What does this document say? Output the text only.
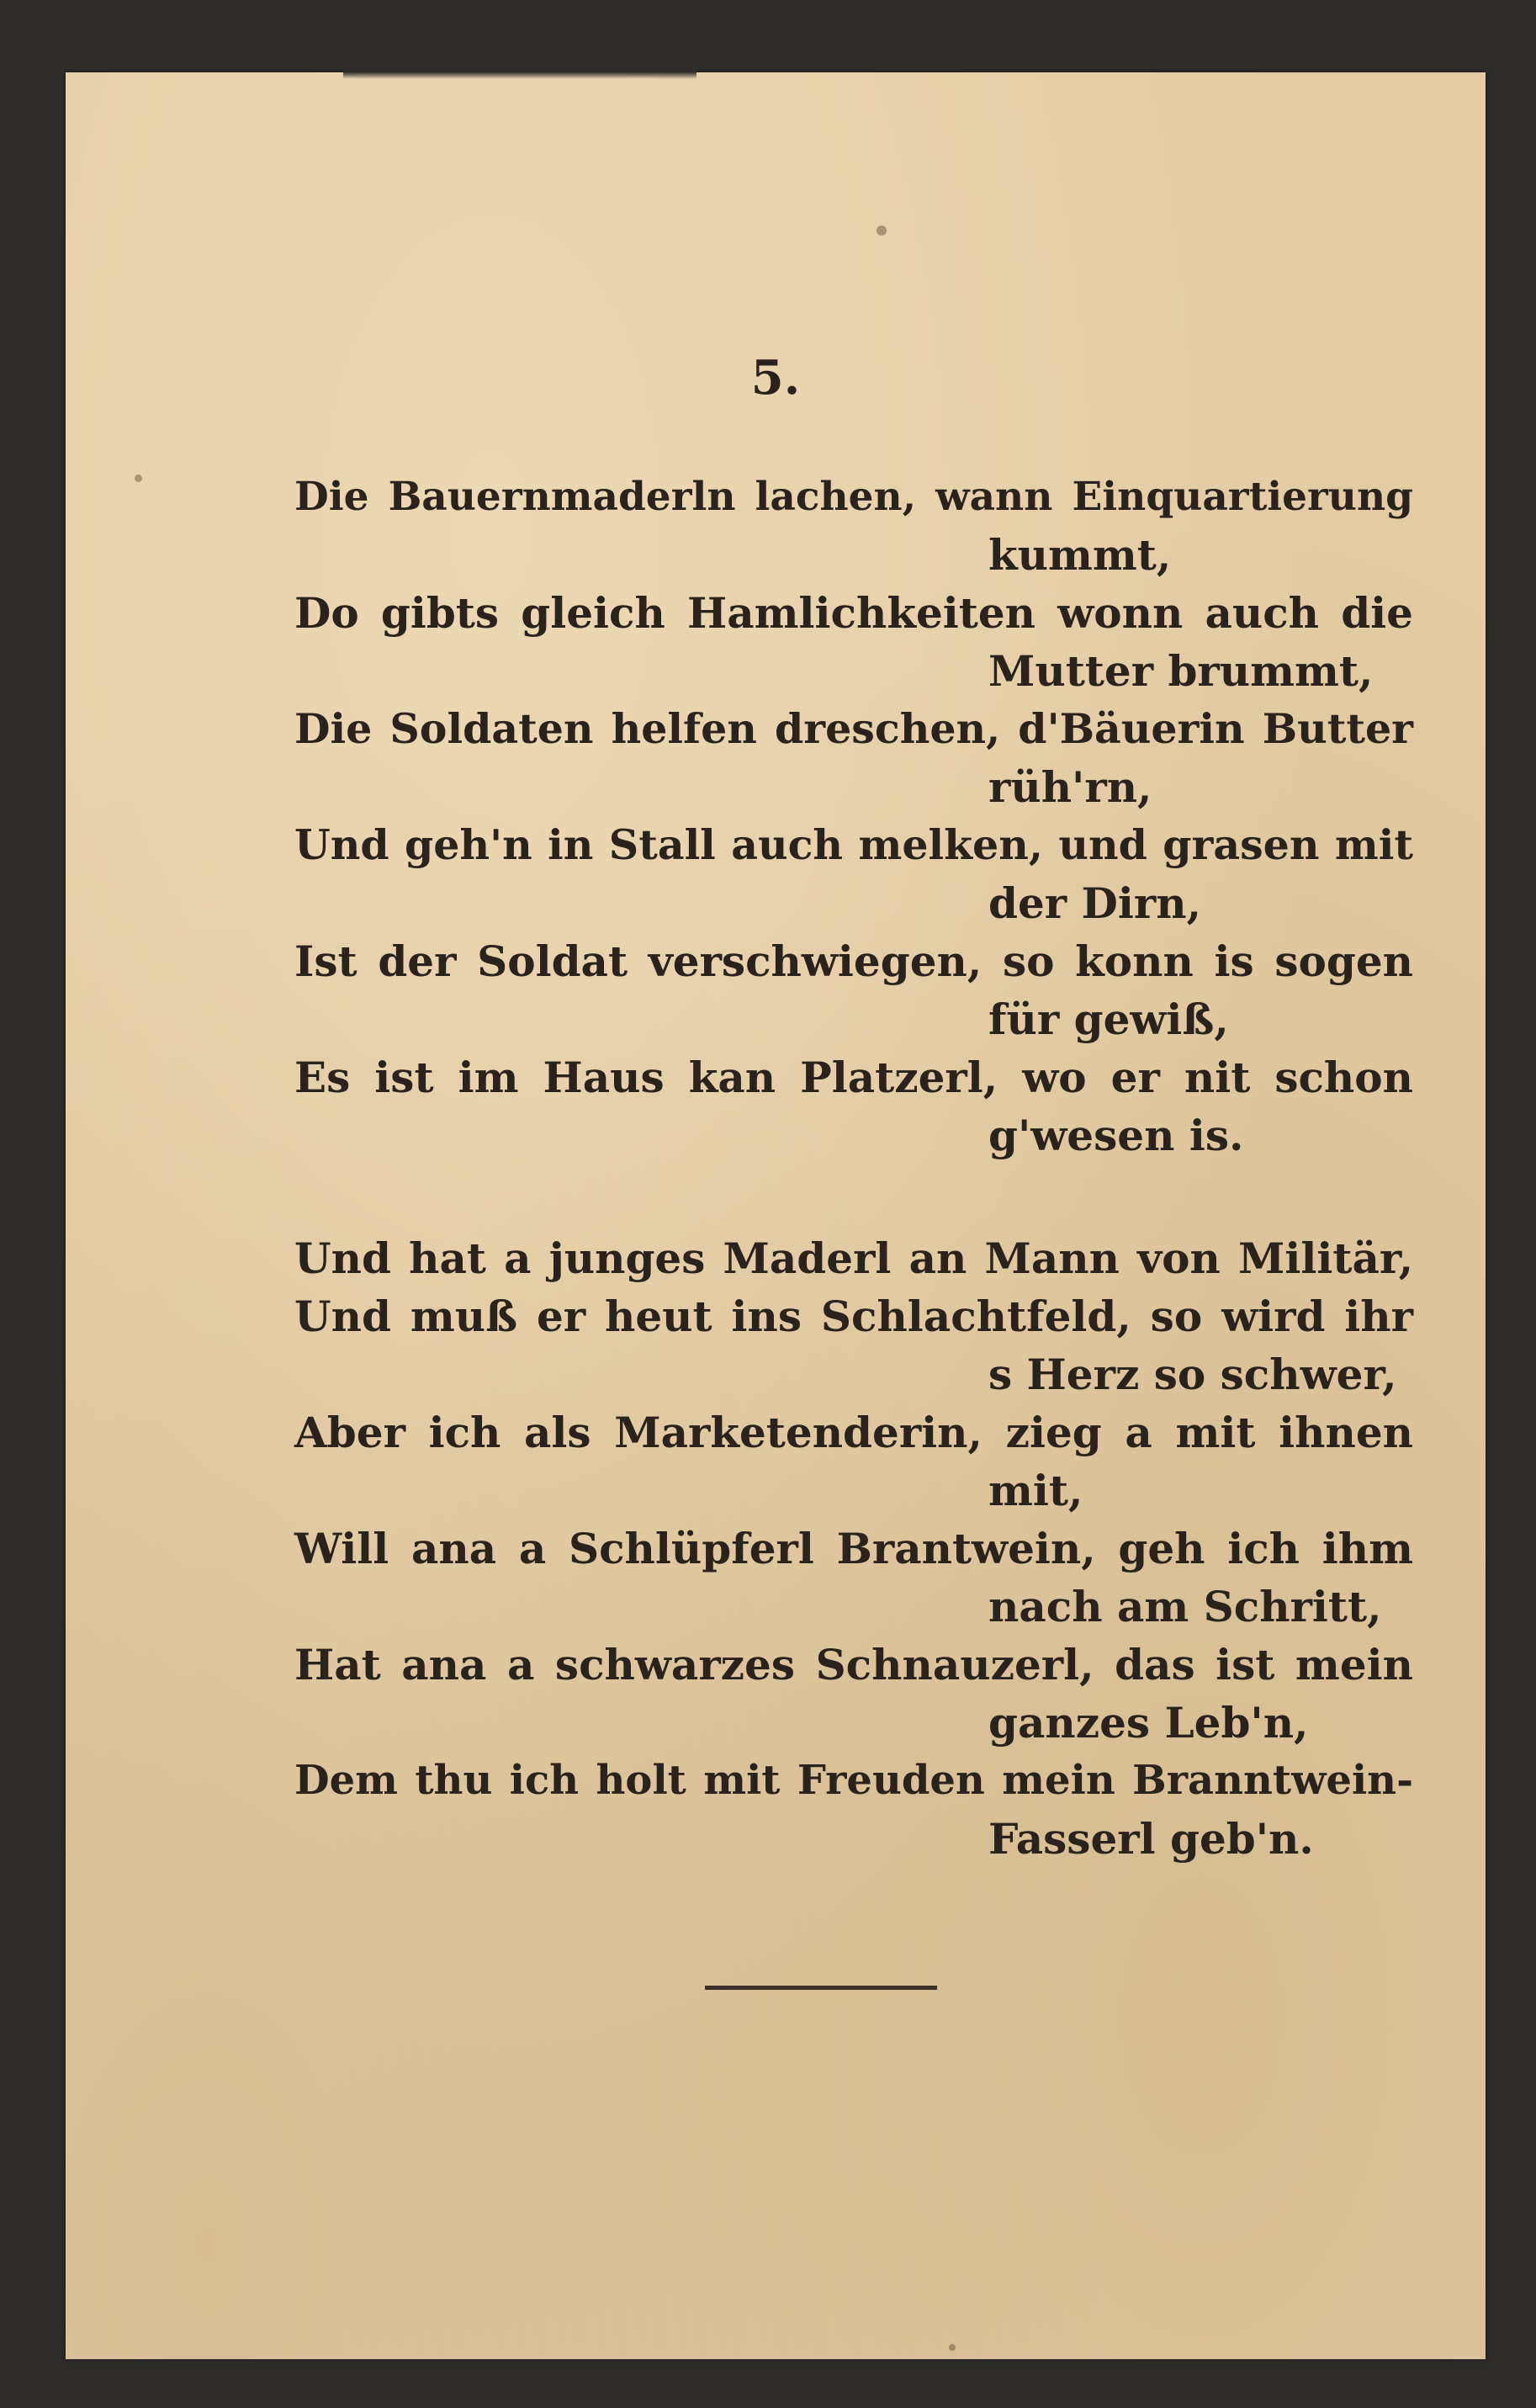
5.
Die Bauernmaderln lachen, wann Einquartierung
kummt,
Do gibts gleich Hamlichkeiten wonn auch die
Mutter brummt,
Die Soldaten helfen dreschen, d'Bäuerin Butter
rüh'rn,
Und geh'n in Stall auch melken, und grasen mit
der Dirn,
Ist der Soldat verschwiegen, so konn is sogen
für gewiß,
Es ist im Haus kan Platzerl, wo er nit schon
g'wesen is.
Und hat a junges Maderl an Mann von Militär,
Und muß er heut ins Schlachtfeld, so wird ihr
s Herz so schwer,
Aber ich als Marketenderin, zieg a mit ihnen
mit,
Will ana a Schlüpferl Brantwein, geh ich ihm
nach am Schritt,
Hat ana a schwarzes Schnauzerl, das ist mein
ganzes Leb'n,
Dem thu ich holt mit Freuden mein Branntwein-
Fasserl geb'n.
